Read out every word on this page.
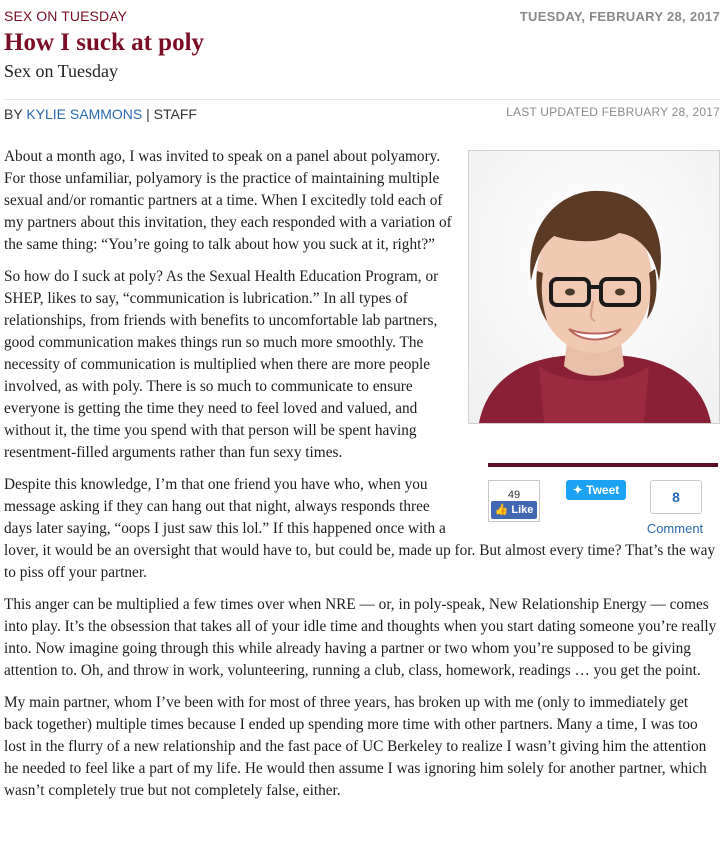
SEX ON TUESDAY	TUESDAY, FEBRUARY 28, 2017
How I suck at poly
Sex on Tuesday
BY KYLIE SAMMONS | STAFF	LAST UPDATED FEBRUARY 28, 2017
49
👍 Like
✦ Tweet	8
Comment

About a month ago, I was invited to speak on a panel about polyamory. For those unfamiliar, polyamory is the practice of maintaining multiple sexual and/or romantic partners at a time. When I excitedly told each of my partners about this invitation, they each responded with a variation of the same thing: “You’re going to talk about how you suck at it, right?”

So how do I suck at poly? As the Sexual Health Education Program, or SHEP, likes to say, “communication is lubrication.” In all types of relationships, from friends with benefits to uncomfortable lab partners, good communication makes things run so much more smoothly. The necessity of communication is multiplied when there are more people involved, as with poly. There is so much to communicate to ensure everyone is getting the time they need to feel loved and valued, and without it, the time you spend with that person will be spent having resentment-filled arguments rather than fun sexy times.

Despite this knowledge, I’m that one friend you have who, when you message asking if they can hang out that night, always responds three days later saying, “oops I just saw this lol.” If this happened once with a lover, it would be an oversight that would have to, but could be, made up for. But almost every time? That’s the way to piss off your partner.

This anger can be multiplied a few times over when NRE — or, in poly-speak, New Relationship Energy — comes into play. It’s the obsession that takes all of your idle time and thoughts when you start dating someone you’re really into. Now imagine going through this while already having a partner or two whom you’re supposed to be giving attention to. Oh, and throw in work, volunteering, running a club, class, homework, readings … you get the point.

My main partner, whom I’ve been with for most of three years, has broken up with me (only to immediately get back together) multiple times because I ended up spending more time with other partners. Many a time, I was too lost in the flurry of a new relationship and the fast pace of UC Berkeley to realize I wasn’t giving him the attention he needed to feel like a part of my life. He would then assume I was ignoring him solely for another partner, which wasn’t completely true but not completely false, either.
